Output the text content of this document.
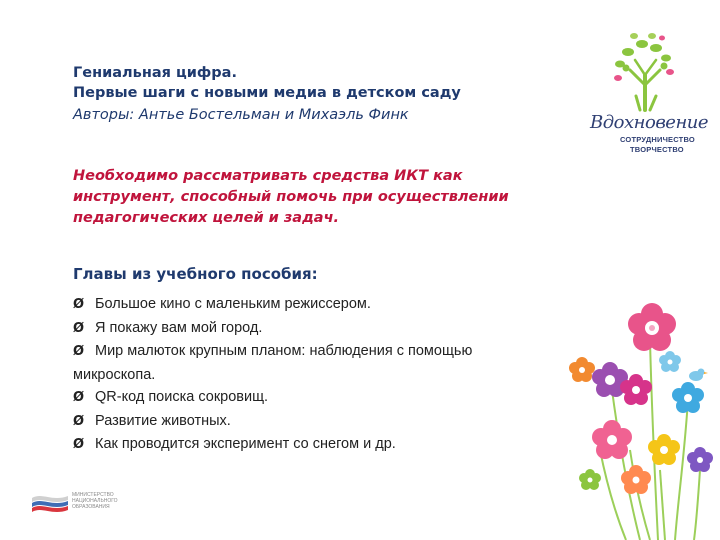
Гениальная цифра.
Первые шаги с новыми медиа в детском саду
Авторы: Антье Бостельман и Михаэль Финк
Необходимо рассматривать средства ИКТ как
инструмент, способный помочь при осуществлении
педагогических целей и задач.
Главы из учебного пособия:
Ø Большое кино с маленьким режиссером.
Ø Я покажу вам мой город.
Ø Мир малюток крупным планом: наблюдения с помощью
микроскопа.
Ø QR-код поиска сокровищ.
Ø Развитие животных.
Ø Как проводится эксперимент со снегом и др.
Вдохновение
СОТРУДНИЧЕСТВО
ТВОРЧЕСТВО
МИНИСТЕРСТВО
НАЦИОНАЛЬНОГО
ОБРАЗОВАНИЯ
